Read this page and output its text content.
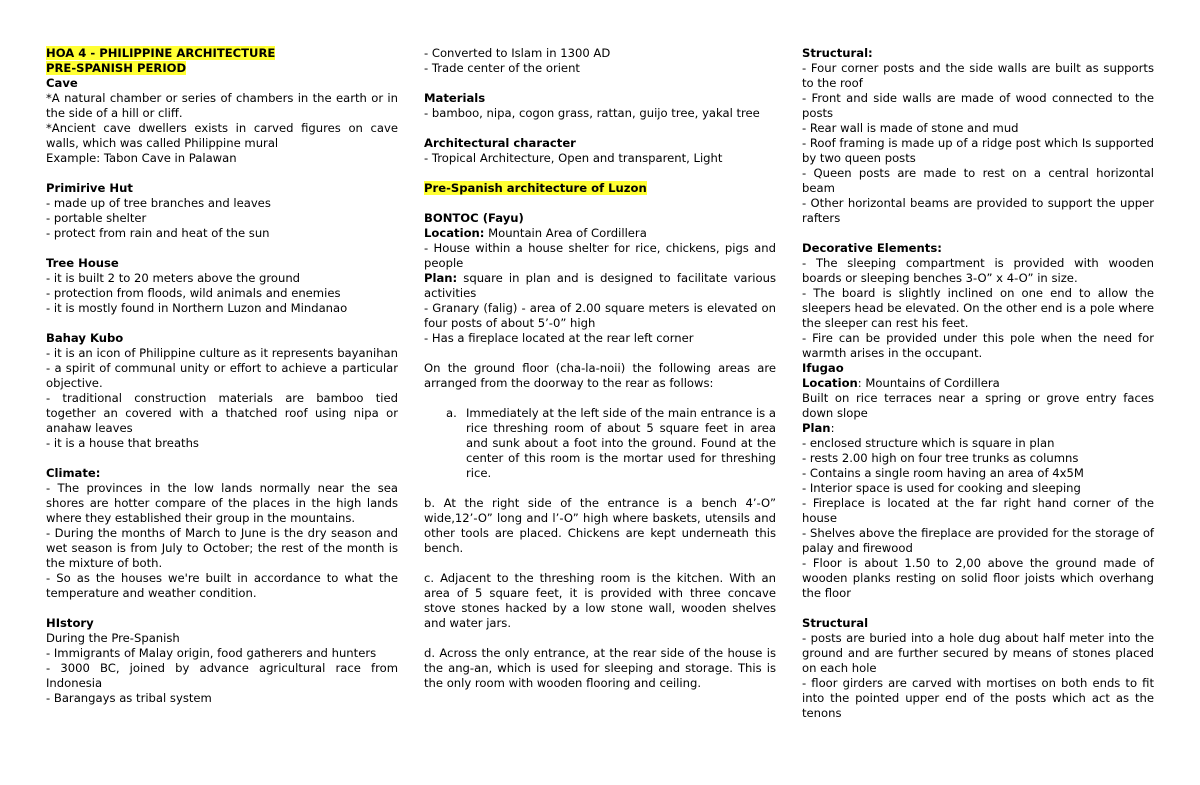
HOA 4 - PHILIPPINE ARCHITECTURE

PRE-SPANISH PERIOD

Cave

*A natural chamber or series of chambers in the earth or in the side of a hill or cliff.

*Ancient cave dwellers exists in carved figures on cave walls, which was called Philippine mural

Example: Tabon Cave in Palawan

Primirive Hut

- made up of tree branches and leaves

- portable shelter

- protect from rain and heat of the sun

Tree House

- it is built 2 to 20 meters above the ground

- protection from floods, wild animals and enemies

- it is mostly found in Northern Luzon and Mindanao

Bahay Kubo

- it is an icon of Philippine culture as it represents bayanihan - a spirit of communal unity or effort to achieve a particular objective.

- traditional construction materials are bamboo tied together an covered with a thatched roof using nipa or anahaw leaves

- it is a house that breaths

Climate:

- The provinces in the low lands normally near the sea shores are hotter compare of the places in the high lands where they established their group in the mountains.

- During the months of March to June is the dry season and wet season is from July to October; the rest of the month is the mixture of both.

- So as the houses we're built in accordance to what the temperature and weather condition.

HIstory

During the Pre-Spanish

- Immigrants of Malay origin, food gatherers and hunters

- 3000 BC, joined by advance agricultural race from Indonesia

- Barangays as tribal system

- Converted to Islam in 1300 AD

- Trade center of the orient

Materials

- bamboo, nipa, cogon grass, rattan, guijo tree, yakal tree

Architectural character

- Tropical Architecture, Open and transparent, Light

Pre-Spanish architecture of Luzon

BONTOC (Fayu)

Location: Mountain Area of Cordillera

- House within a house shelter for rice, chickens, pigs and people

Plan: square in plan and is designed to facilitate various activities

- Granary (falig) - area of 2.00 square meters is elevated on four posts of about 5’-0” high

- Has a fireplace located at the rear left corner

On the ground floor (cha-la-noii) the following areas are arranged from the doorway to the rear as follows:

a. Immediately at the left side of the main entrance is a rice threshing room of about 5 square feet in area and sunk about a foot into the ground. Found at the center of this room is the mortar used for threshing rice.

b. At the right side of the entrance is a bench 4’-O” wide,12’-O” long and l’-O” high where baskets, utensils and other tools are placed. Chickens are kept underneath this bench.

c. Adjacent to the threshing room is the kitchen. With an area of 5 square feet, it is provided with three concave stove stones hacked by a low stone wall, wooden shelves and water jars.

d. Across the only entrance, at the rear side of the house is the ang-an, which is used for sleeping and storage. This is the only room with wooden flooring and ceiling.

Structural:

- Four corner posts and the side walls are built as supports to the roof

- Front and side walls are made of wood connected to the posts

- Rear wall is made of stone and mud

- Roof framing is made up of a ridge post which Is supported by two queen posts

- Queen posts are made to rest on a central horizontal beam

- Other horizontal beams are provided to support the upper rafters

Decorative Elements:

- The sleeping compartment is provided with wooden boards or sleeping benches 3-O” x 4-O” in size.

- The board is slightly inclined on one end to allow the sleepers head be elevated. On the other end is a pole where the sleeper can rest his feet.

- Fire can be provided under this pole when the need for warmth arises in the occupant.

Ifugao

Location: Mountains of Cordillera

Built on rice terraces near a spring or grove entry faces down slope

Plan:

- enclosed structure which is square in plan

- rests 2.00 high on four tree trunks as columns

- Contains a single room having an area of 4x5M

- Interior space is used for cooking and sleeping

- Fireplace is located at the far right hand corner of the house

- Shelves above the fireplace are provided for the storage of palay and firewood

- Floor is about 1.50 to 2,00 above the ground made of wooden planks resting on solid floor joists which overhang the floor

Structural

- posts are buried into a hole dug about half meter into the ground and are further secured by means of stones placed on each hole

- floor girders are carved with mortises on both ends to fit into the pointed upper end of the posts which act as the tenons
